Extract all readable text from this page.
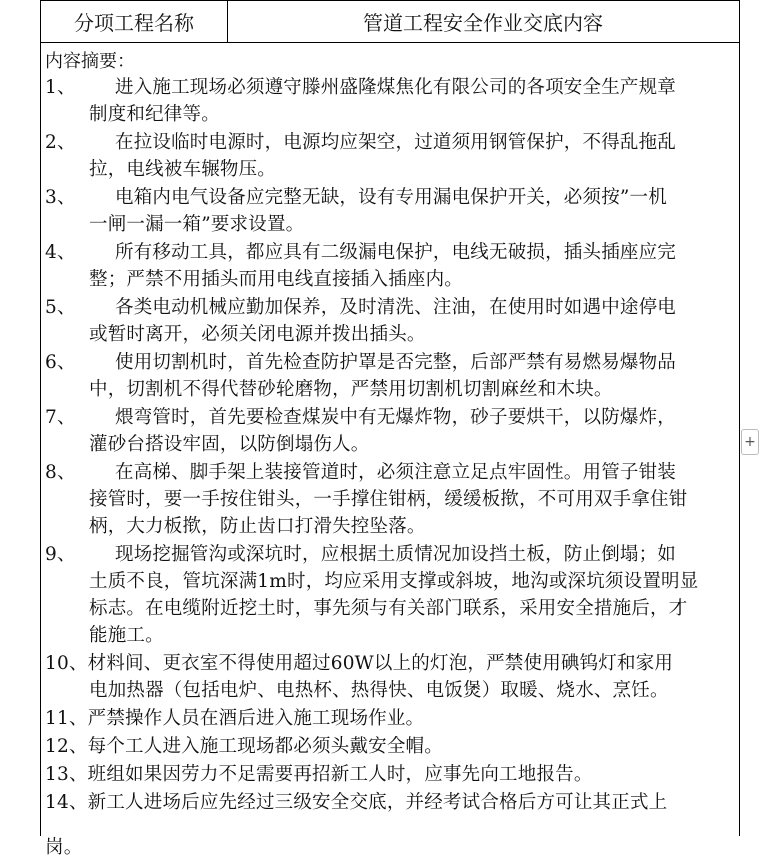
分项工程名称	管道工程安全作业交底内容
内容摘要：
1、 进入施工现场必须遵守滕州盛隆煤焦化有限公司的各项安全生产规章
制度和纪律等。
2、 在拉设临时电源时，电源均应架空，过道须用钢管保护，不得乱拖乱
拉，电线被车辗物压。
3、 电箱内电气设备应完整无缺，设有专用漏电保护开关，必须按”一机
一闸一漏一箱”要求设置。
4、 所有移动工具，都应具有二级漏电保护，电线无破损，插头插座应完
整；严禁不用插头而用电线直接插入插座内。
5、 各类电动机械应勤加保养，及时清洗、注油，在使用时如遇中途停电
或暂时离开，必须关闭电源并拨出插头。
6、 使用切割机时，首先检查防护罩是否完整，后部严禁有易燃易爆物品
中，切割机不得代替砂轮磨物，严禁用切割机切割麻丝和木块。
7、 煨弯管时，首先要检查煤炭中有无爆炸物，砂子要烘干，以防爆炸，
灌砂台搭设牢固，以防倒塌伤人。
8、 在高梯、脚手架上装接管道时，必须注意立足点牢固性。用管子钳装
接管时，要一手按住钳头，一手撑住钳柄，缓缓板揿，不可用双手拿住钳
柄，大力板揿，防止齿口打滑失控坠落。
9、 现场挖掘管沟或深坑时，应根据土质情况加设挡土板，防止倒塌；如
土质不良，管坑深满1m时，均应采用支撑或斜坡，地沟或深坑须设置明显
标志。在电缆附近挖土时，事先须与有关部门联系，采用安全措施后，才
能施工。
10、材料间、更衣室不得使用超过60W以上的灯泡，严禁使用碘钨灯和家用
电加热器（包括电炉、电热杯、热得快、电饭煲）取暖、烧水、烹饪。
11、严禁操作人员在酒后进入施工现场作业。
12、每个工人进入施工现场都必须头戴安全帽。
13、班组如果因劳力不足需要再招新工人时，应事先向工地报告。
14、新工人进场后应先经过三级安全交底，并经考试合格后方可让其正式上
岗。
+
